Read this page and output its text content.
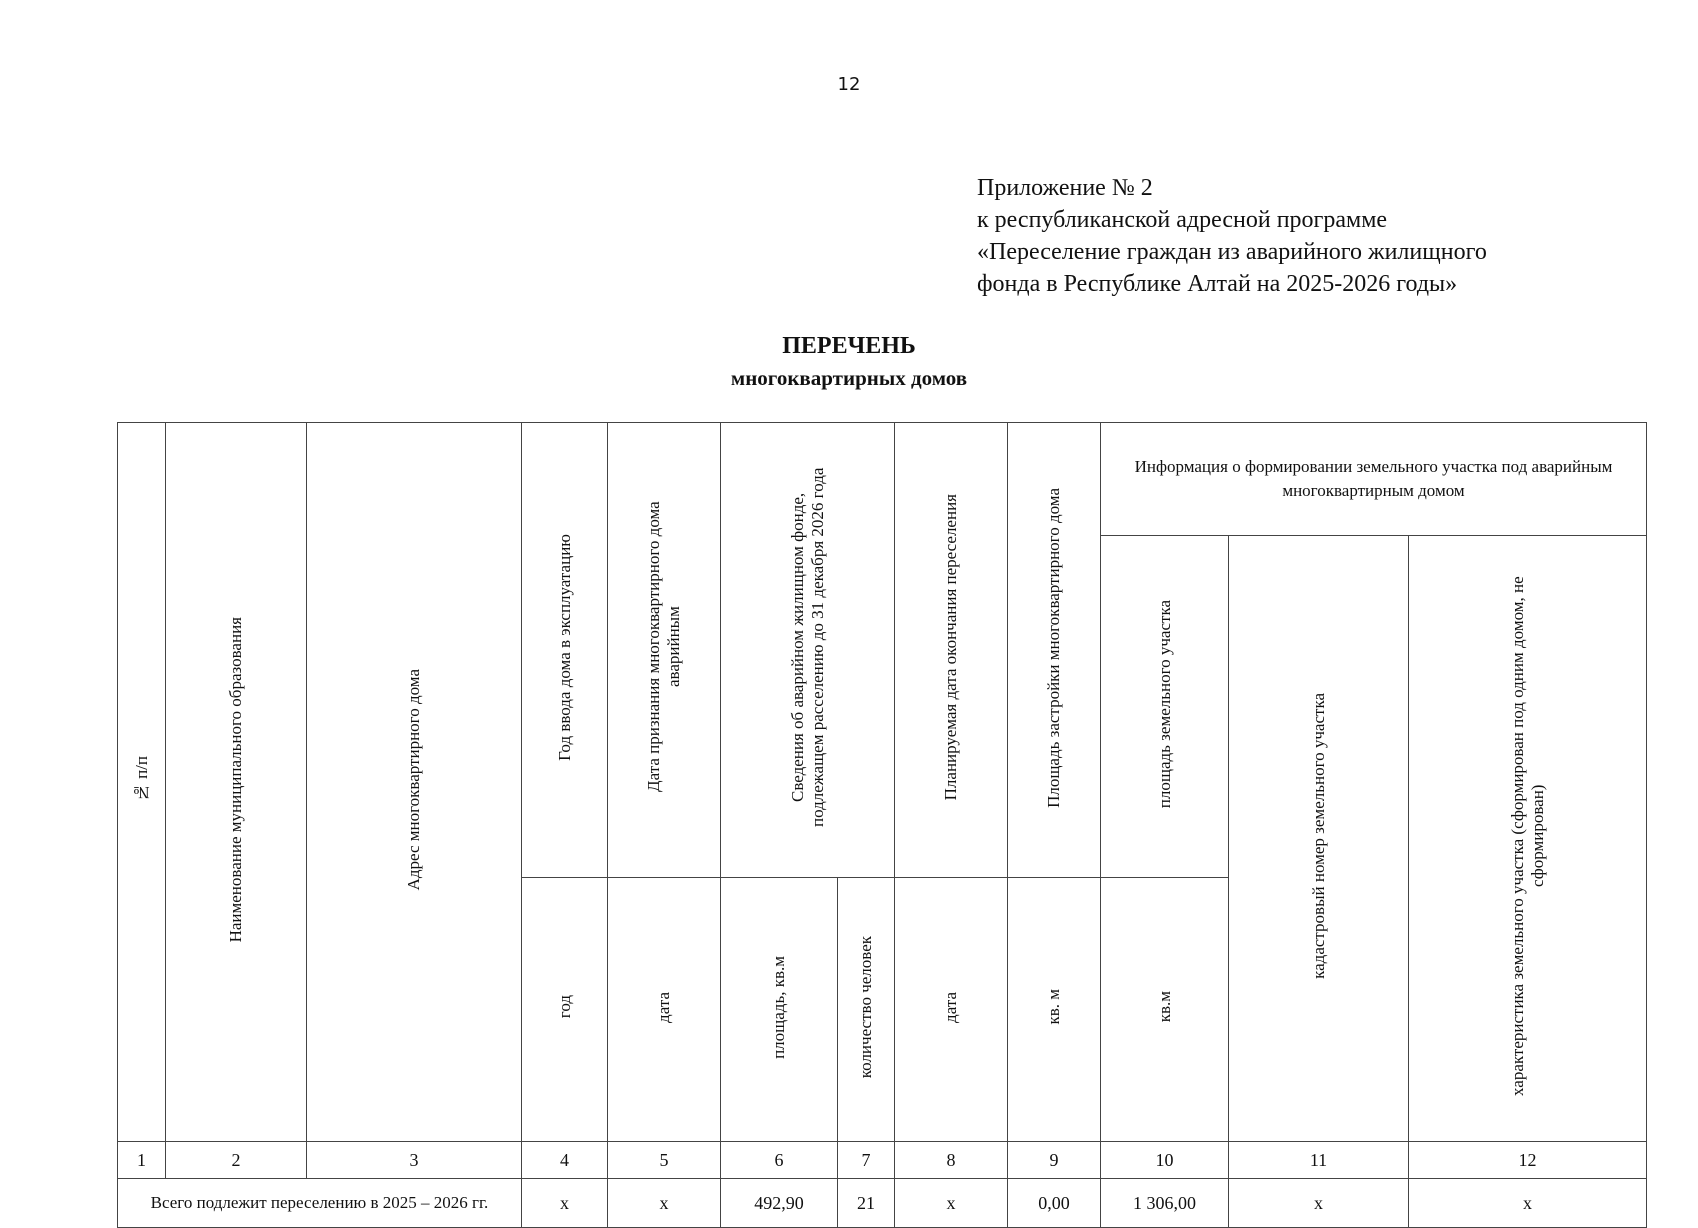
12
Приложение № 2
к республиканской адресной программе
«Переселение граждан из аварийного жилищного
фонда в Республике Алтай на 2025-2026 годы»
ПЕРЕЧЕНЬ
многоквартирных домов
№ п/п	Наименование муниципального образования	Адрес многоквартирного дома	Год ввода дома в эксплуатацию	Дата признания многоквартирного дома аварийным	Сведения об аварийном жилищном фонде, подлежащем расселению до 31 декабря 2026 года		Планируемая дата окончания переселения	Площадь застройки многоквартирного дома	Информация о формировании земельного участка под аварийным многоквартирным домом		
									площадь земельного участка	кадастровый номер земельного участка	характеристика земельного участка (сформирован под одним домом, не сформирован)
			год	дата	площадь, кв.м	количество человек	дата	кв. м	кв.м		
1	2	3	4	5	6	7	8	9	10	11	12
Всего подлежит переселению в 2025 – 2026 гг.			х	х	492,90	21	х	0,00	1 306,00	х	х
